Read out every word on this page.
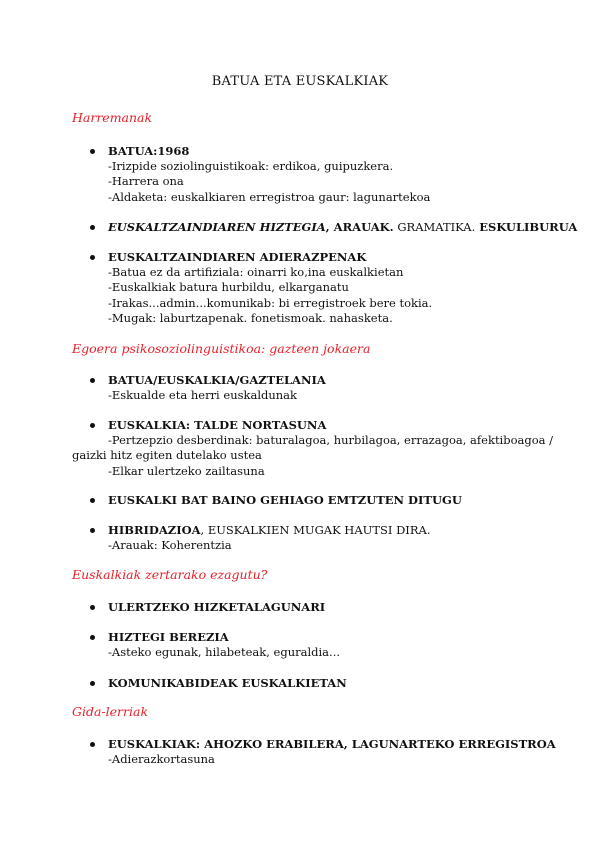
BATUA ETA EUSKALKIAK
Harremanak
BATUA:1968
-Irizpide soziolinguistikoak: erdikoa, guipuzkera.
-Harrera ona
-Aldaketa: euskalkiaren erregistroa gaur: lagunartekoa
EUSKALTZAINDIAREN HIZTEGIA, ARAUAK. GRAMATIKA. ESKULIBURUA
EUSKALTZAINDIAREN ADIERAZPENAK
-Batua ez da artifiziala: oinarri ko,ina euskalkietan
-Euskalkiak batura hurbildu, elkarganatu
-Irakas...admin...komunikab: bi erregistroek bere tokia.
-Mugak: laburtzapenak. fonetismoak. nahasketa.
Egoera psikosoziolinguistikoa: gazteen jokaera
BATUA/EUSKALKIA/GAZTELANIA
-Eskualde eta herri euskaldunak
EUSKALKIA: TALDE NORTASUNA
-Pertzepzio desberdinak: baturalagoa, hurbilagoa, errazagoa, afektiboagoa /
gaizki hitz egiten dutelako ustea
-Elkar ulertzeko zailtasuna
EUSKALKI BAT BAINO GEHIAGO EMTZUTEN DITUGU
HIBRIDAZIOA, EUSKALKIEN MUGAK HAUTSI DIRA.
-Arauak: Koherentzia
Euskalkiak zertarako ezagutu?
ULERTZEKO HIZKETALAGUNARI
HIZTEGI BEREZIA
-Asteko egunak, hilabeteak, eguraldia...
KOMUNIKABIDEAK EUSKALKIETAN
Gida-lerriak
EUSKALKIAK: AHOZKO ERABILERA, LAGUNARTEKO ERREGISTROA
-Adierazkortasuna
